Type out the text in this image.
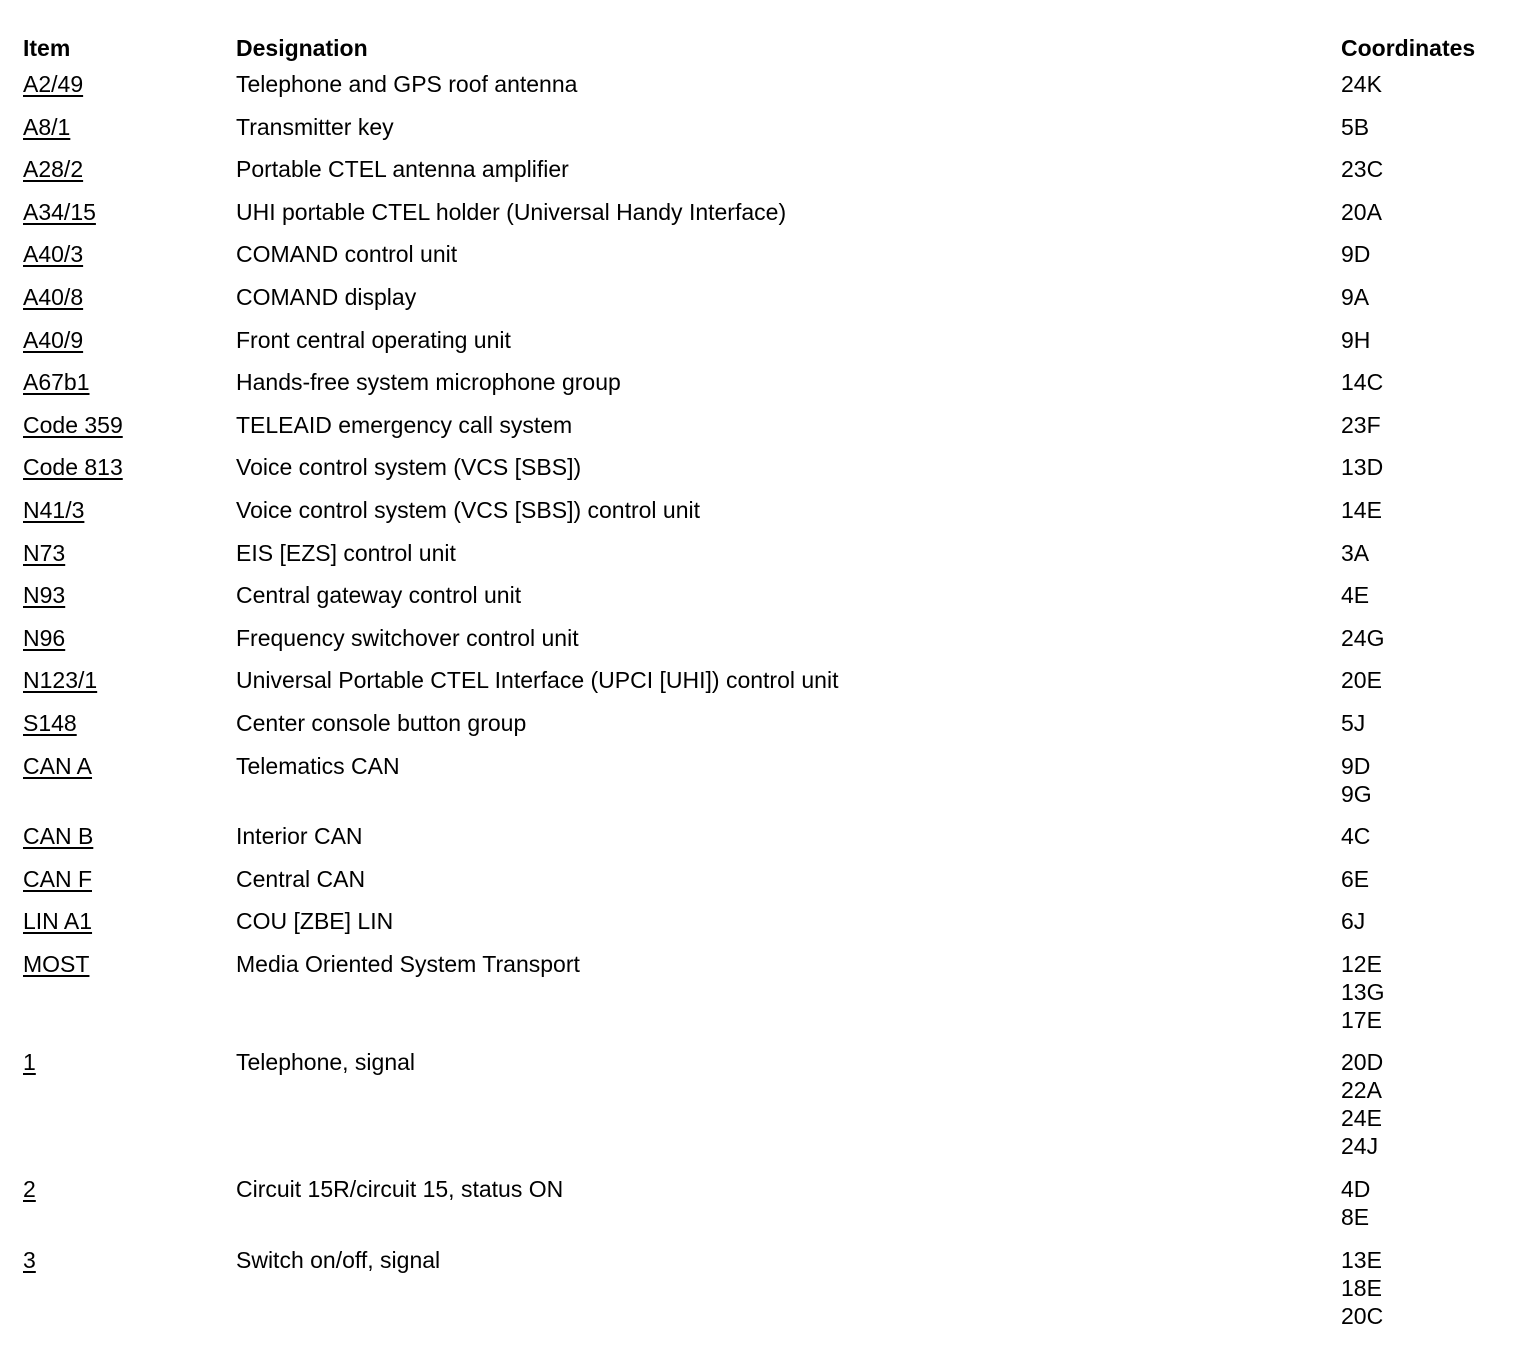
Item	Designation	Coordinates
A2/49	Telephone and GPS roof antenna	24K
A8/1	Transmitter key	5B
A28/2	Portable CTEL antenna amplifier	23C
A34/15	UHI portable CTEL holder (Universal Handy Interface)	20A
A40/3	COMAND control unit	9D
A40/8	COMAND display	9A
A40/9	Front central operating unit	9H
A67b1	Hands-free system microphone group	14C
Code 359	TELEAID emergency call system	23F
Code 813	Voice control system (VCS [SBS])	13D
N41/3	Voice control system (VCS [SBS]) control unit	14E
N73	EIS [EZS] control unit	3A
N93	Central gateway control unit	4E
N96	Frequency switchover control unit	24G
N123/1	Universal Portable CTEL Interface (UPCI [UHI]) control unit	20E
S148	Center console button group	5J
CAN A	Telematics CAN	9D
9G
CAN B	Interior CAN	4C
CAN F	Central CAN	6E
LIN A1	COU [ZBE] LIN	6J
MOST	Media Oriented System Transport	12E
13G
17E
1	Telephone, signal	20D
22A
24E
24J
2	Circuit 15R/circuit 15, status ON	4D
8E
3	Switch on/off, signal	13E
18E
20C
